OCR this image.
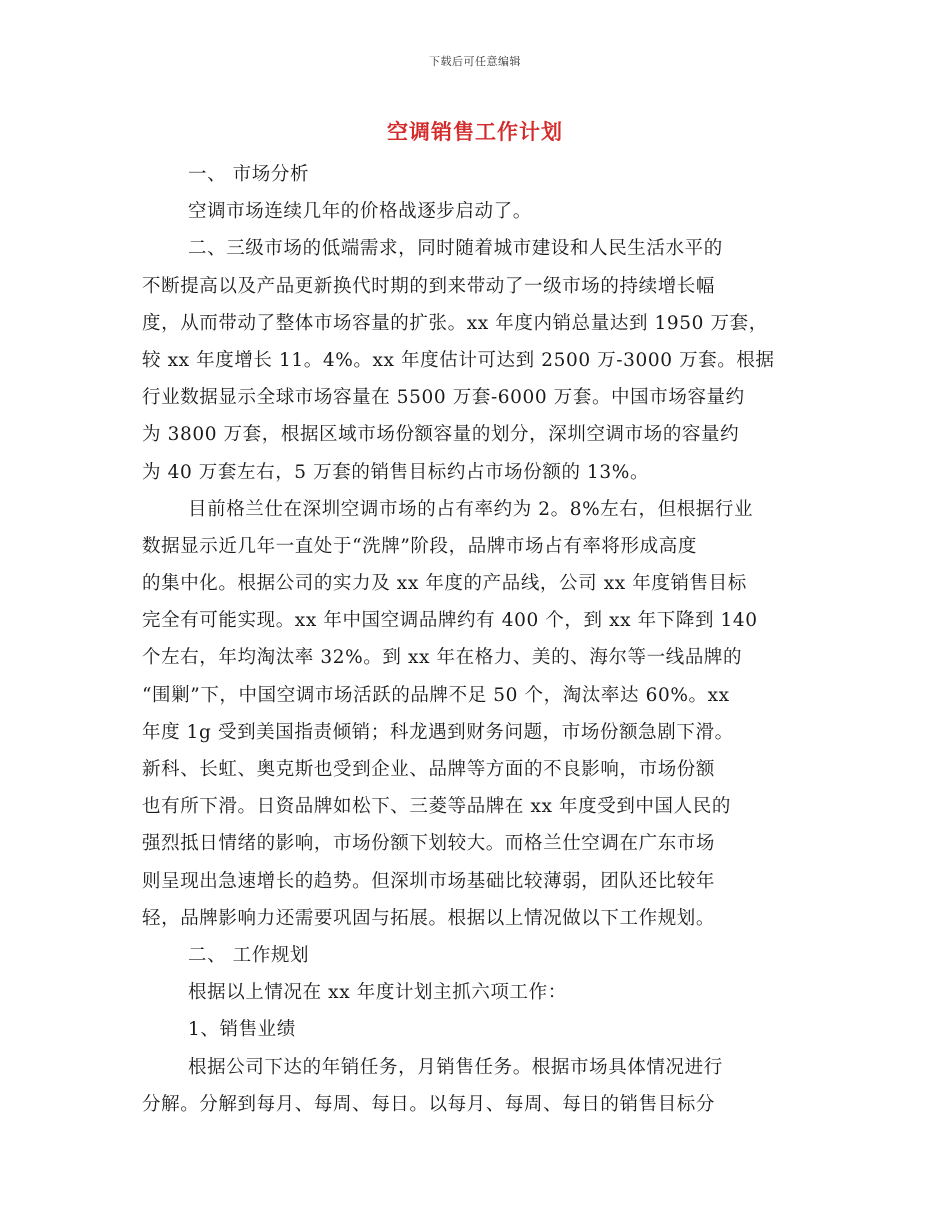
下载后可任意编辑
空调销售工作计划
一、 市场分析
空调市场连续几年的价格战逐步启动了。
二、三级市场的低端需求，同时随着城市建设和人民生活水平的
不断提高以及产品更新换代时期的到来带动了一级市场的持续增长幅
度，从而带动了整体市场容量的扩张。xx 年度内销总量达到 1950 万套，
较 xx 年度增长 11。4%。xx 年度估计可达到 2500 万-3000 万套。根据
行业数据显示全球市场容量在 5500 万套-6000 万套。中国市场容量约
为 3800 万套，根据区域市场份额容量的划分，深圳空调市场的容量约
为 40 万套左右，5 万套的销售目标约占市场份额的 13%。
目前格兰仕在深圳空调市场的占有率约为 2。8%左右，但根据行业
数据显示近几年一直处于“洗牌”阶段，品牌市场占有率将形成高度
的集中化。根据公司的实力及 xx 年度的产品线，公司 xx 年度销售目标
完全有可能实现。xx 年中国空调品牌约有 400 个，到 xx 年下降到 140
个左右，年均淘汰率 32%。到 xx 年在格力、美的、海尔等一线品牌的
“围剿”下，中国空调市场活跃的品牌不足 50 个，淘汰率达 60%。xx
年度 1g 受到美国指责倾销；科龙遇到财务问题，市场份额急剧下滑。
新科、长虹、奥克斯也受到企业、品牌等方面的不良影响，市场份额
也有所下滑。日资品牌如松下、三菱等品牌在 xx 年度受到中国人民的
强烈抵日情绪的影响，市场份额下划较大。而格兰仕空调在广东市场
则呈现出急速增长的趋势。但深圳市场基础比较薄弱，团队还比较年
轻，品牌影响力还需要巩固与拓展。根据以上情况做以下工作规划。
二、 工作规划
根据以上情况在 xx 年度计划主抓六项工作：
1、销售业绩
根据公司下达的年销任务，月销售任务。根据市场具体情况进行
分解。分解到每月、每周、每日。以每月、每周、每日的销售目标分
